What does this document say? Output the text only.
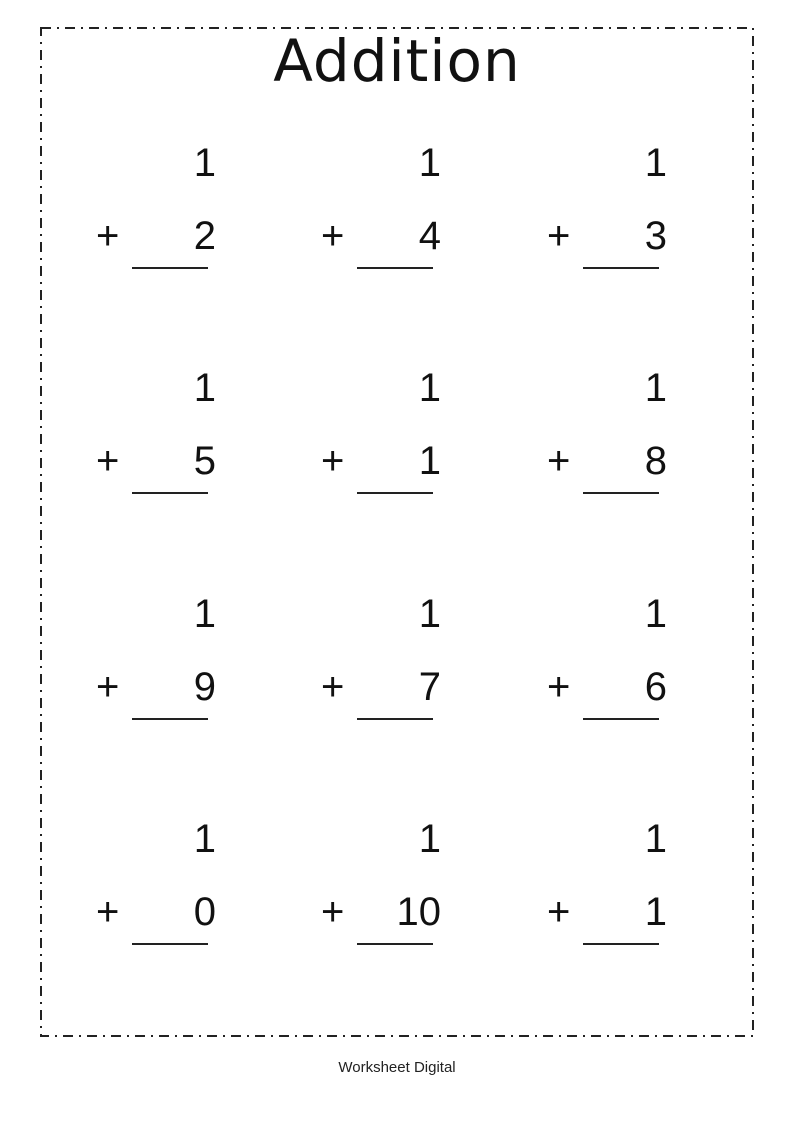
Addition
1
+ 2
1
+ 4
1
+ 3
1
+ 5
1
+ 1
1
+ 8
1
+ 9
1
+ 7
1
+ 6
1
+ 0
1
+ 10
1
+ 1
Worksheet Digital
